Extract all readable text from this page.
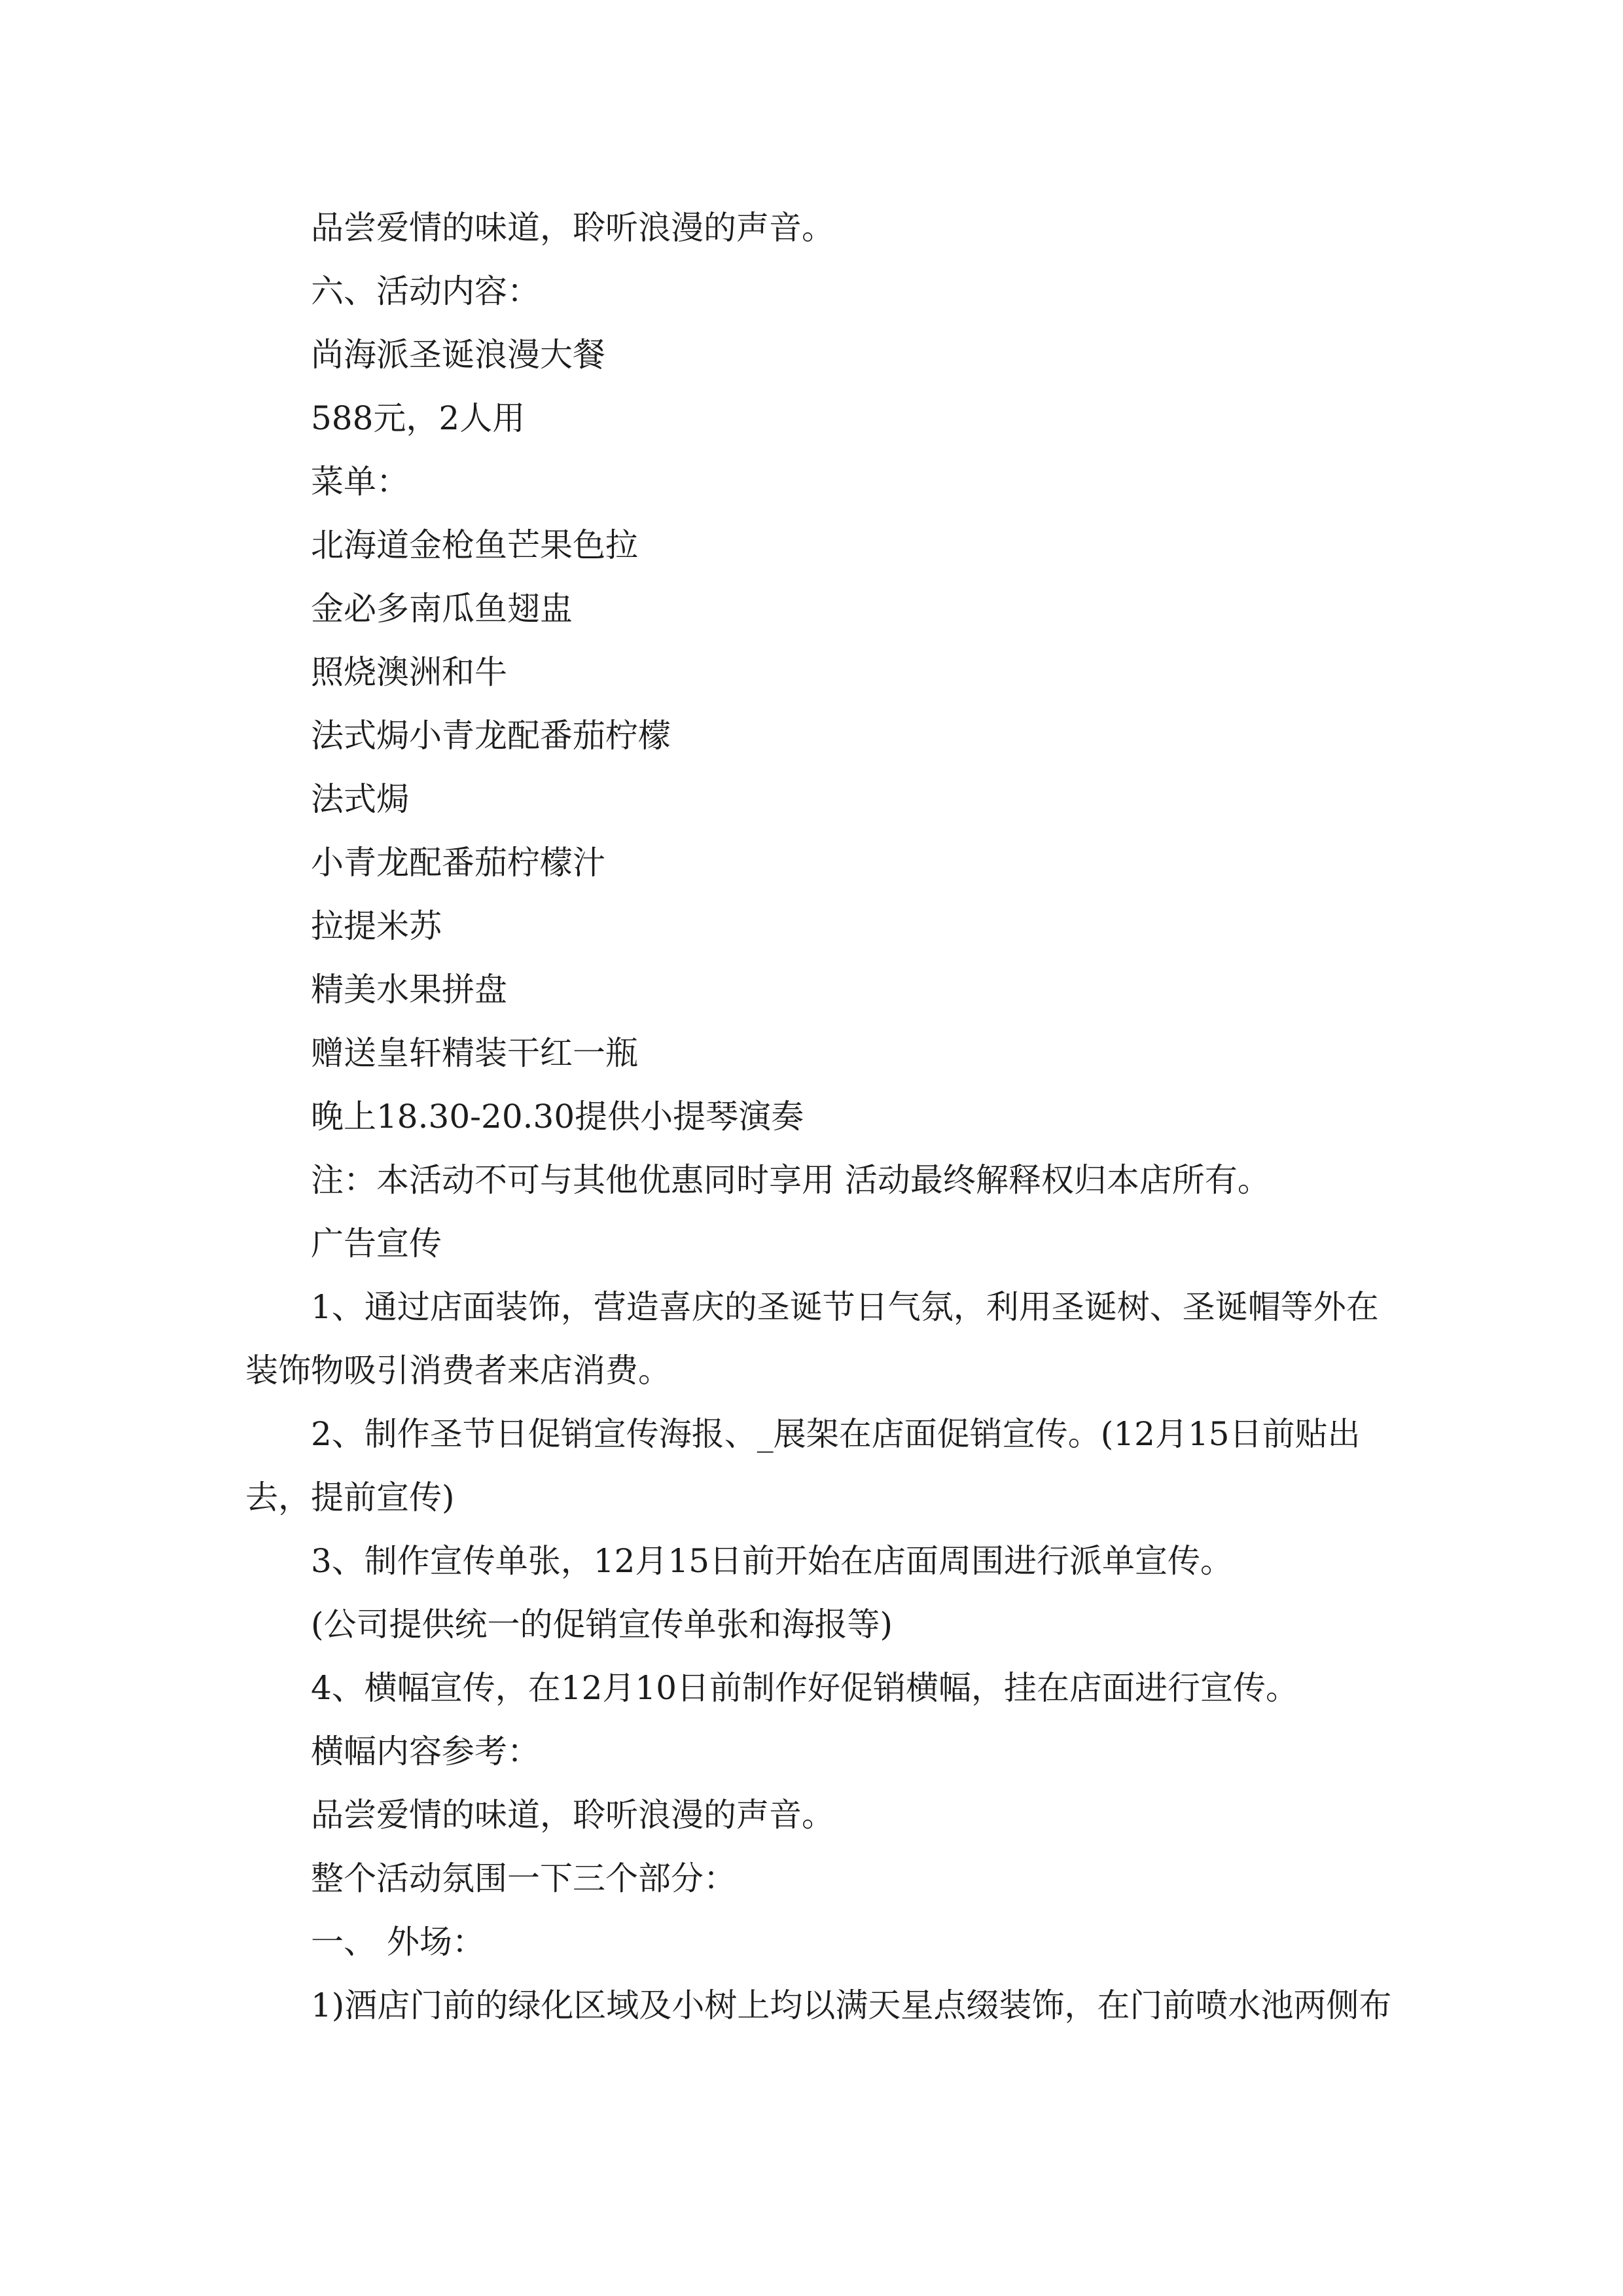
品尝爱情的味道，聆听浪漫的声音。

六、活动内容：

尚海派圣诞浪漫大餐

588元，2人用

菜单：

北海道金枪鱼芒果色拉

金必多南瓜鱼翅盅

照烧澳洲和牛

法式焗小青龙配番茄柠檬

法式焗

小青龙配番茄柠檬汁

拉提米苏

精美水果拼盘

赠送皇轩精装干红一瓶

晚上18.30-20.30提供小提琴演奏

注：本活动不可与其他优惠同时享用 活动最终解释权归本店所有。

广告宣传

1、通过店面装饰，营造喜庆的圣诞节日气氛，利用圣诞树、圣诞帽等外在装饰物吸引消费者来店消费。

2、制作圣节日促销宣传海报、_展架在店面促销宣传。(12月15日前贴出去，提前宣传)

3、制作宣传单张，12月15日前开始在店面周围进行派单宣传。

(公司提供统一的促销宣传单张和海报等)

4、横幅宣传，在12月10日前制作好促销横幅，挂在店面进行宣传。

横幅内容参考：

品尝爱情的味道，聆听浪漫的声音。

整个活动氛围一下三个部分：

一、 外场：

1)酒店门前的绿化区域及小树上均以满天星点缀装饰，在门前喷水池两侧布
